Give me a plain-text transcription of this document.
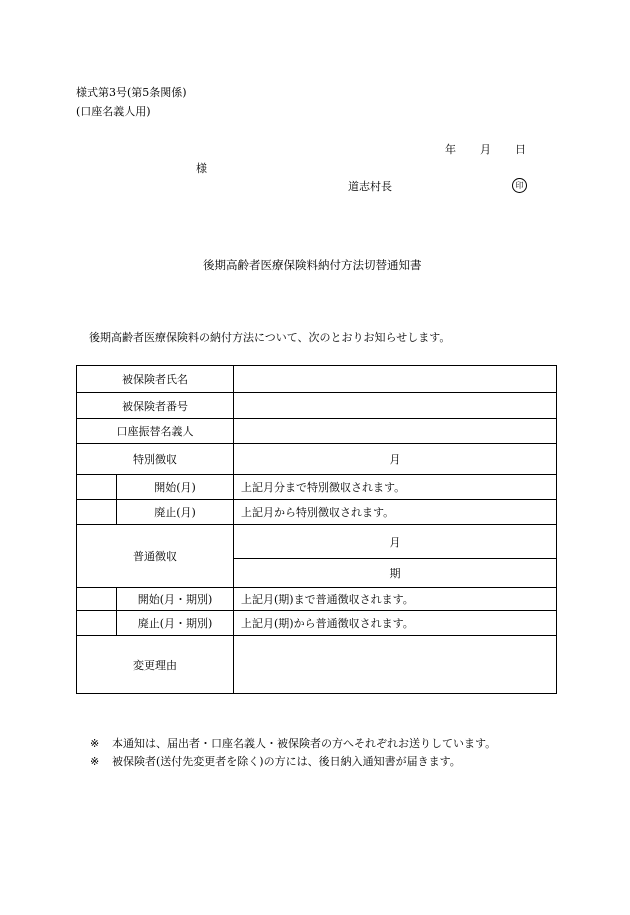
様式第3号(第5条関係)
(口座名義人用)
年 月 日
様
道志村長	印
後期高齢者医療保険料納付方法切替通知書
後期高齢者医療保険料の納付方法について、次のとおりお知らせします。
被保険者氏名		
被保険者番号		
口座振替名義人		
特別徴収		月
	開始(月)	上記月分まで特別徴収されます。
	廃止(月)	上記月から特別徴収されます。
普通徴収		月
		期
	開始(月・期別)	上記月(期)まで普通徴収されます。
	廃止(月・期別)	上記月(期)から普通徴収されます。
変更理由		
※ 本通知は、届出者・口座名義人・被保険者の方へそれぞれお送りしています。
※ 被保険者(送付先変更者を除く)の方には、後日納入通知書が届きます。
